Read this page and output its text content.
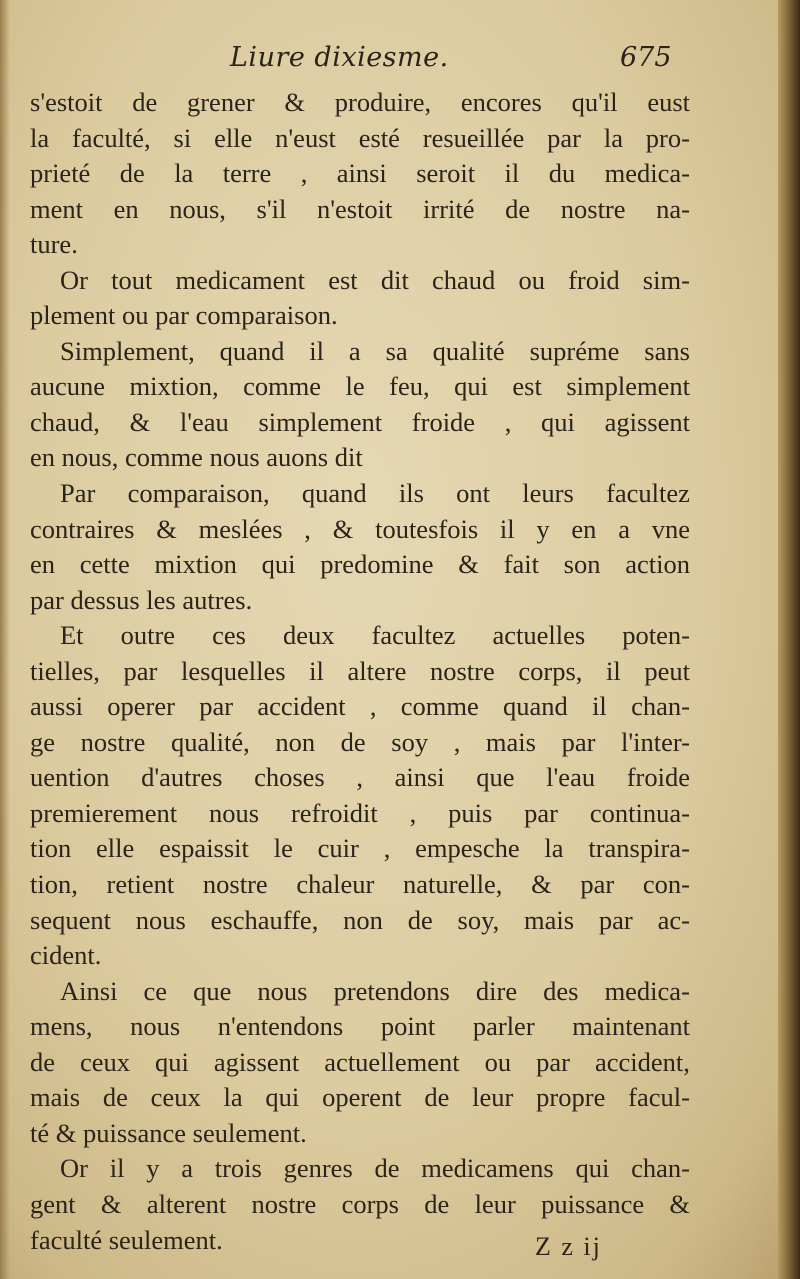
Liure dixiesme.	675
s'estoit de grener & produire, encores qu'il eust
la faculté, si elle n'eust esté resueillée par la pro-
prieté de la terre , ainsi seroit il du medica-
ment en nous, s'il n'estoit irrité de nostre na-
ture.
Or tout medicament est dit chaud ou froid sim-
plement ou par comparaison.
Simplement, quand il a sa qualité supréme sans
aucune mixtion, comme le feu, qui est simplement
chaud, & l'eau simplement froide , qui agissent
en nous, comme nous auons dit
Par comparaison, quand ils ont leurs facultez
contraires & meslées , & toutesfois il y en a vne
en cette mixtion qui predomine & fait son action
par dessus les autres.
Et outre ces deux facultez actuelles poten-
tielles, par lesquelles il altere nostre corps, il peut
aussi operer par accident , comme quand il chan-
ge nostre qualité, non de soy , mais par l'inter-
uention d'autres choses , ainsi que l'eau froide
premierement nous refroidit , puis par continua-
tion elle espaissit le cuir , empesche la transpira-
tion, retient nostre chaleur naturelle, & par con-
sequent nous eschauffe, non de soy, mais par ac-
cident.
Ainsi ce que nous pretendons dire des medica-
mens, nous n'entendons point parler maintenant
de ceux qui agissent actuellement ou par accident,
mais de ceux la qui operent de leur propre facul-
té & puissance seulement.
Or il y a trois genres de medicamens qui chan-
gent & alterent nostre corps de leur puissance &
faculté seulement.	Z z ij
